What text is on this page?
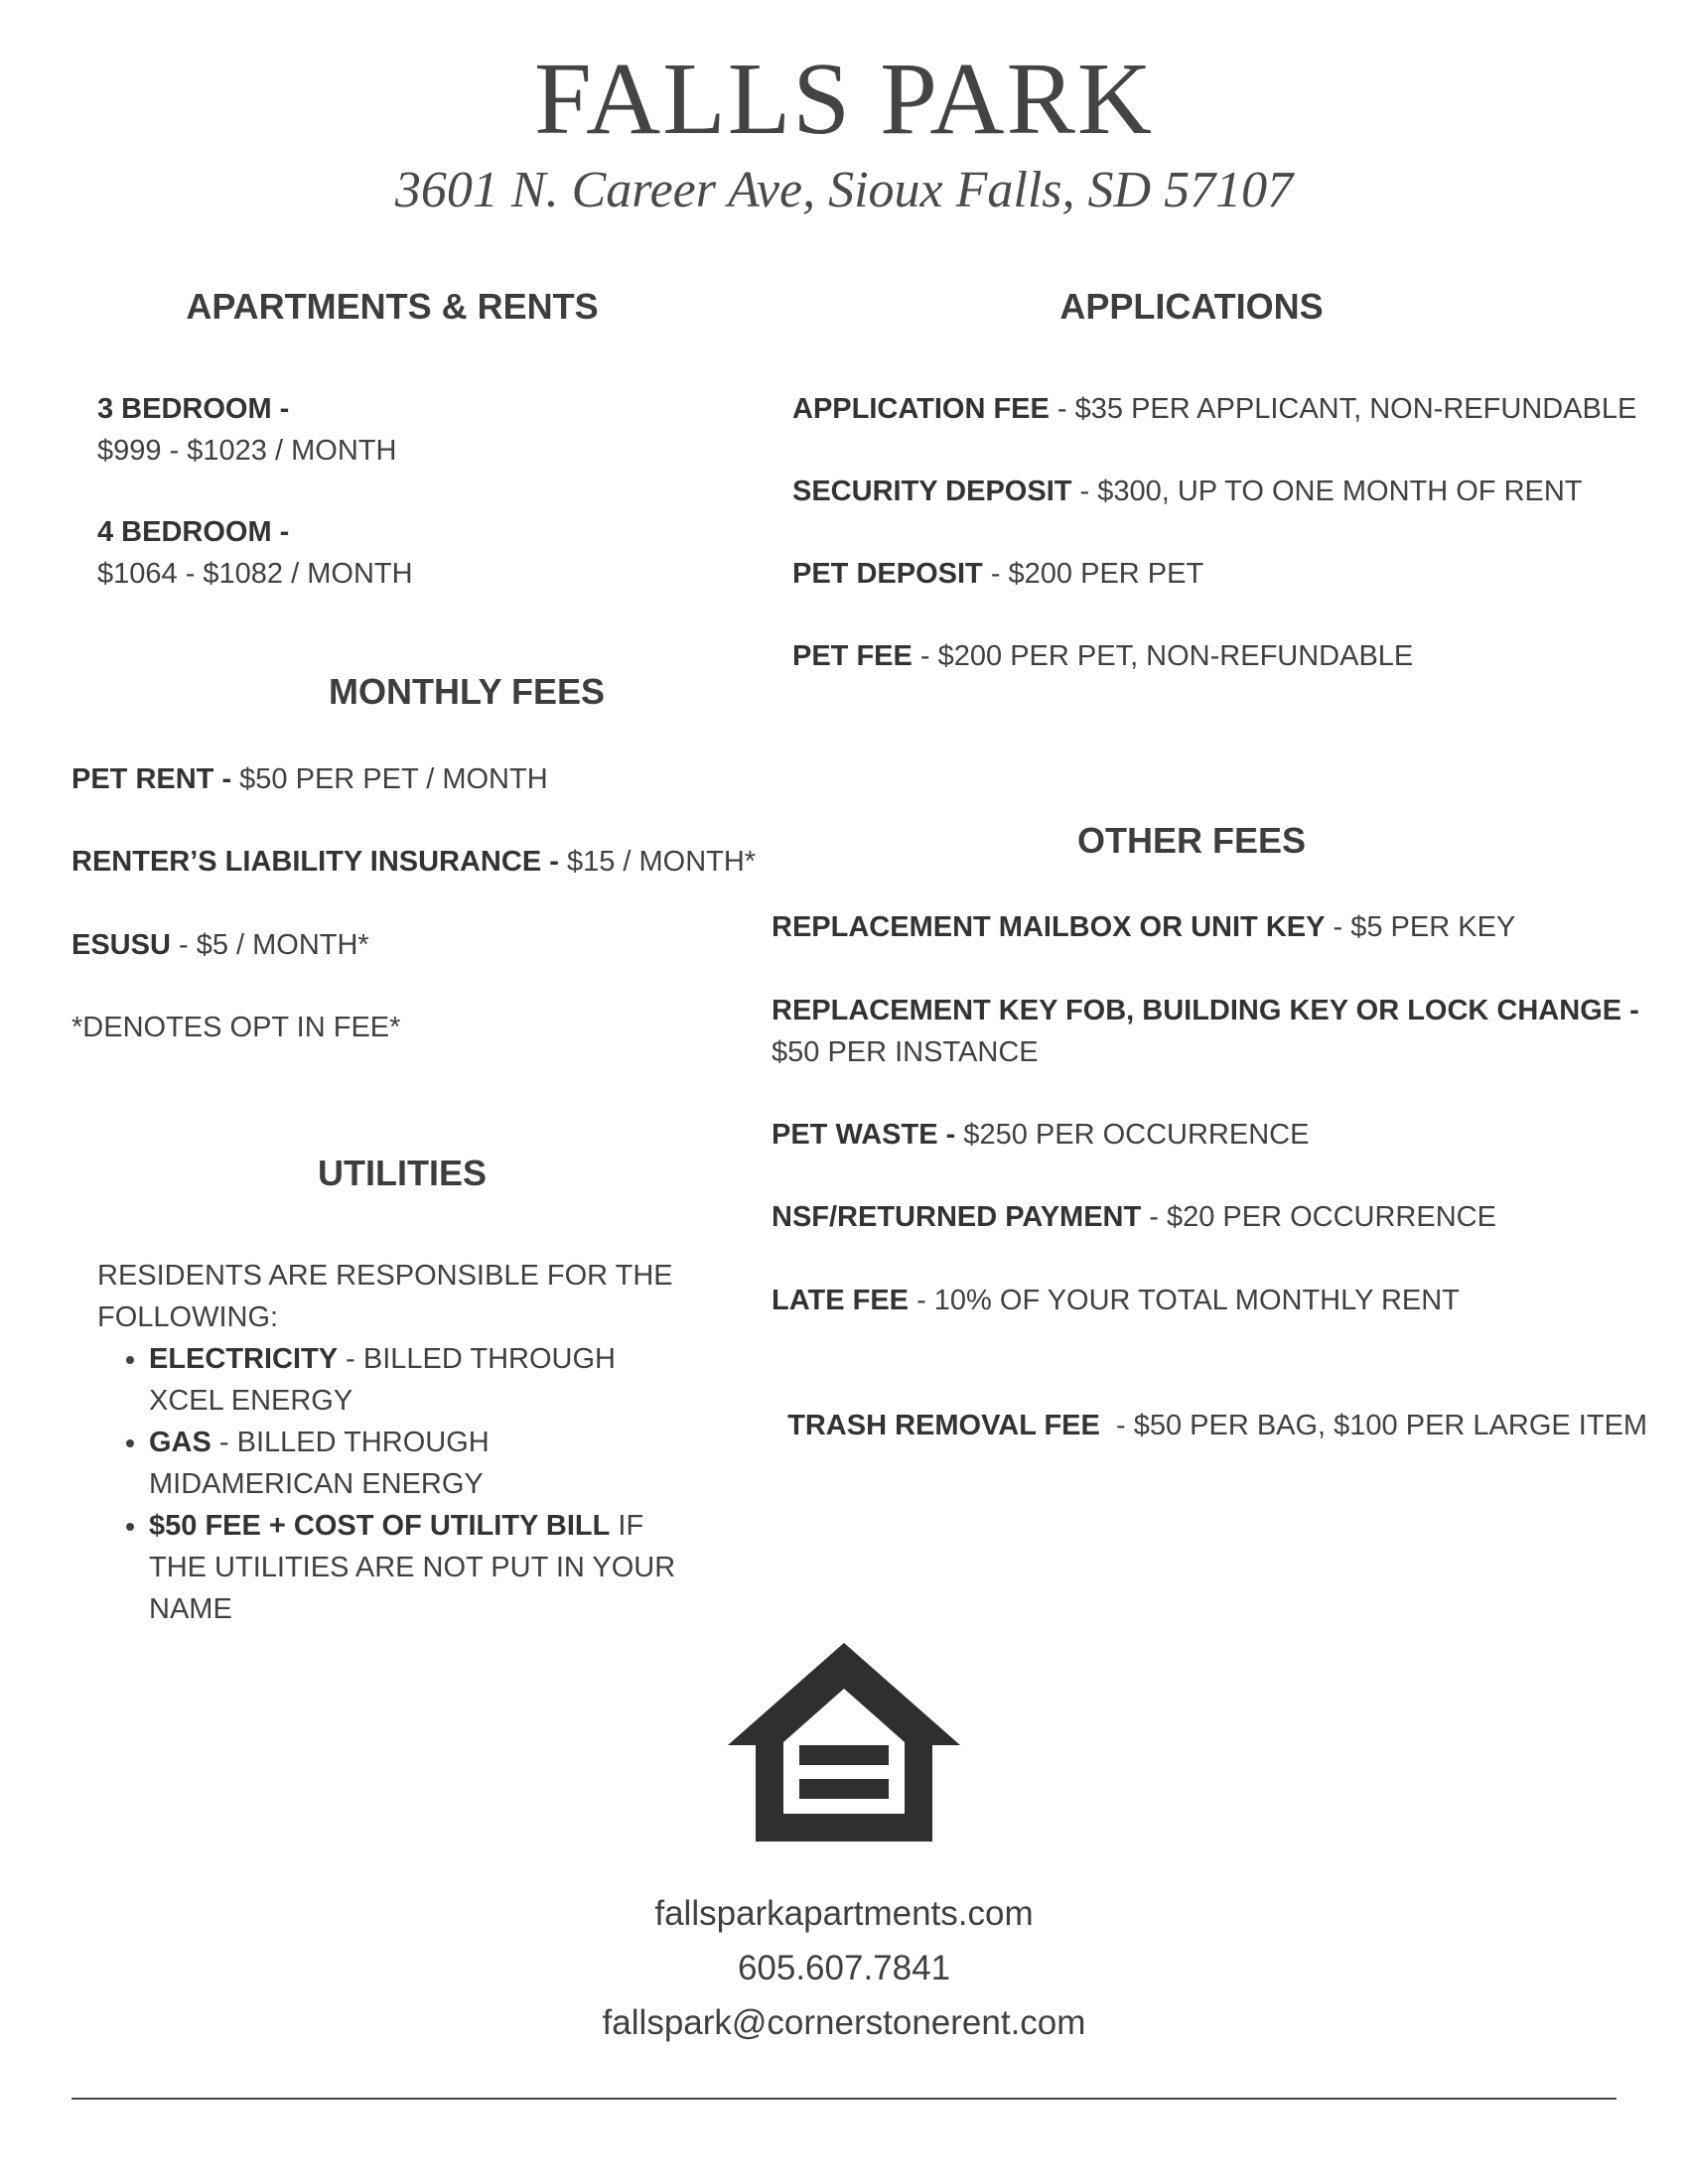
FALLS PARK
3601 N. Career Ave, Sioux Falls, SD 57107
APARTMENTS & RENTS
3 BEDROOM -
$999 - $1023 / MONTH
4 BEDROOM -
$1064 - $1082 / MONTH
MONTHLY FEES
PET RENT - $50 PER PET / MONTH
RENTER’S LIABILITY INSURANCE - $15 / MONTH*
ESUSU - $5 / MONTH*
*DENOTES OPT IN FEE*
UTILITIES
RESIDENTS ARE RESPONSIBLE FOR THE FOLLOWING:
• ELECTRICITY - BILLED THROUGH XCEL ENERGY
• GAS - BILLED THROUGH MIDAMERICAN ENERGY
• $50 FEE + COST OF UTILITY BILL IF THE UTILITIES ARE NOT PUT IN YOUR NAME
APPLICATIONS
APPLICATION FEE - $35 PER APPLICANT, NON-REFUNDABLE
SECURITY DEPOSIT - $300, UP TO ONE MONTH OF RENT
PET DEPOSIT - $200 PER PET
PET FEE - $200 PER PET, NON-REFUNDABLE
OTHER FEES
REPLACEMENT MAILBOX OR UNIT KEY - $5 PER KEY
REPLACEMENT KEY FOB, BUILDING KEY OR LOCK CHANGE -
$50 PER INSTANCE
PET WASTE - $250 PER OCCURRENCE
NSF/RETURNED PAYMENT - $20 PER OCCURRENCE
LATE FEE - 10% OF YOUR TOTAL MONTHLY RENT

TRASH REMOVAL FEE  - $50 PER BAG, $100 PER LARGE ITEM

fallsparkapartments.com
605.607.7841
fallspark@cornerstonerent.com
